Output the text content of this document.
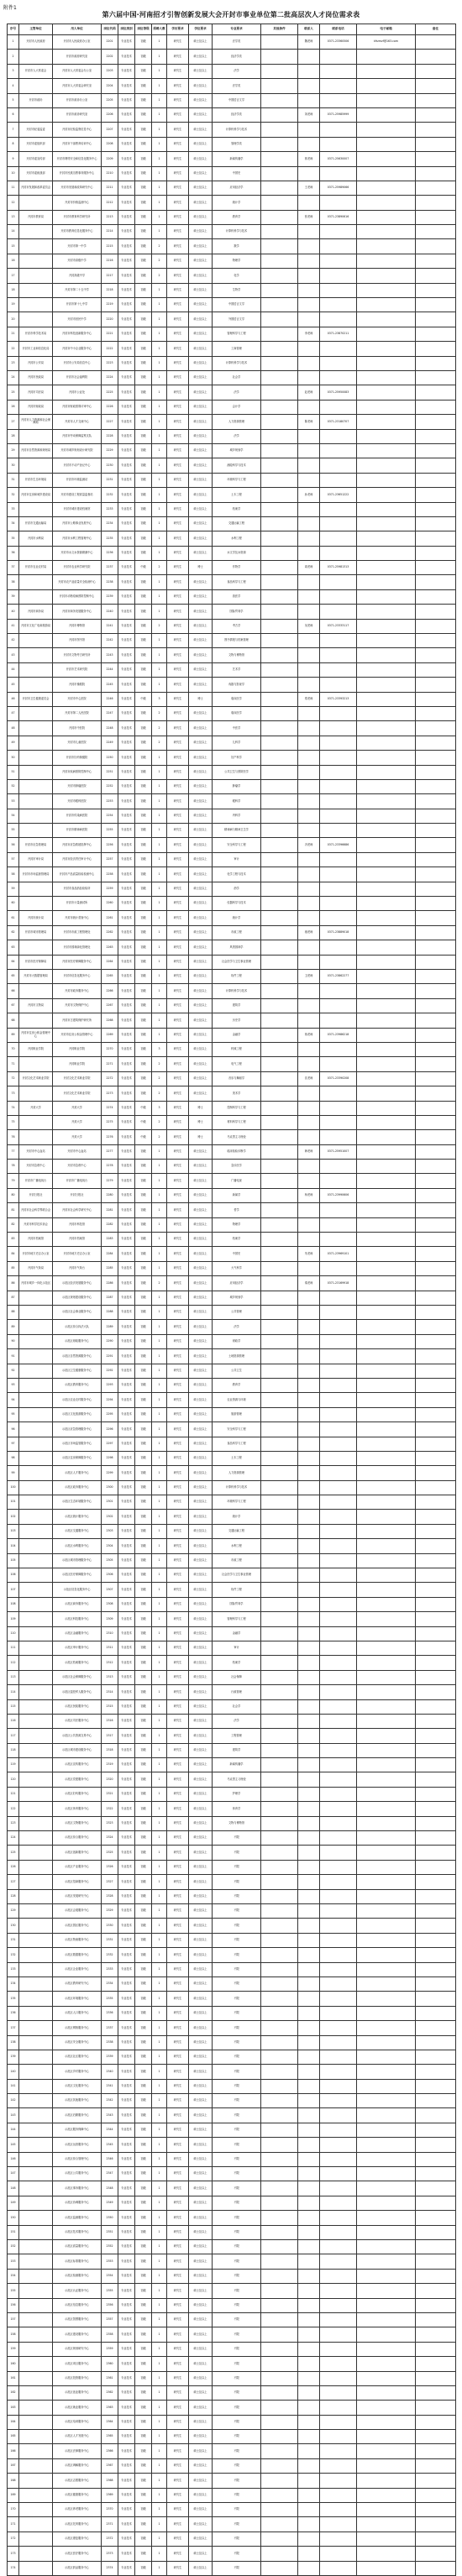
附件1
第六届中国·河南招才引智创新发展大会开封市事业单位第二批高层次人才岗位需求表
序号	主管单位	用人单位	岗位代码	岗位类别	岗位等级	招聘人数	学历要求	学位要求	专业要求	其他条件	联系人	联系电话	电子邮箱	备注
1	开封市人民政府	开封市人民政府办公室	2201	专业技术	初级	1	研究生	硕士及以上	法学类		魏老师	0371-23360506	kfsrmzf@163.com	
2		开封市政府研究室	2202	专业技术	初级	1	研究生	硕士及以上	经济学类					
3	开封市人大常委会	开封市人大常委会办公室	2203	专业技术	初级	1	研究生	硕士及以上	法学					
4		开封市人大常委会研究室	2204	专业技术	初级	1	研究生	硕士及以上	法学类					
5	开封市政协	开封市政协办公室	2205	专业技术	初级	1	研究生	硕士及以上	中国语言文学					
6		开封市政协研究室	2206	专业技术	初级	1	研究生	硕士及以上	经济学类		刘老师	0371-25985999		
7	开封市纪委监委	开封市纪检监察信息中心	2207	专业技术	初级	1	研究生	硕士及以上	计算机科学与技术					
8	开封市委组织部	开封市干部教育培训中心	2208	专业技术	初级	1	研究生	硕士及以上	管理学类					
9	开封市委宣传部	开封市网络安全和信息化服务中心	2209	专业技术	初级	1	研究生	硕士及以上	新闻传播学		郭老师	0371-25630007		
10	开封市委统战部	开封市民族宗教事务服务中心	2210	专业技术	初级	1	研究生	硕士及以上	中国史					
11	开封市发展和改革委员会	开封市发展和改革研究中心	2211	专业技术	初级	1	研究生	硕士及以上	应用经济学		王老师	0371-25989066		
12		开封市价格监测中心	2212	专业技术	初级	1	研究生	硕士及以上	统计学					
13	开封市教育局	开封市教育科学研究所	2213	专业技术	初级	1	研究生	硕士及以上	教育学		张老师	0371-23890616		
14		开封市教育信息化服务中心	2214	专业技术	初级	1	研究生	硕士及以上	计算机科学与技术					
15		开封市第一中学	2215	专业技术	初级	2	研究生	硕士及以上	数学					
16		开封市高级中学	2216	专业技术	初级	2	研究生	硕士及以上	物理学					
17		开封高级中学	2217	专业技术	初级	2	研究生	硕士及以上	化学					
18		开封市第二十五中学	2218	专业技术	初级	1	研究生	硕士及以上	生物学					
19		开封市第十七中学	2219	专业技术	初级	1	研究生	硕士及以上	中国语言文学					
20		开封市回民中学	2220	专业技术	初级	1	研究生	硕士及以上	外国语言文学					
21	开封市科学技术局	开封市科技创新服务中心	2221	专业技术	初级	1	研究生	硕士及以上	管理科学与工程		李老师	0371-23870211		
22	开封市工业和信息化局	开封市中小企业服务中心	2222	专业技术	初级	1	研究生	硕士及以上	工商管理					
23	开封市公安局	开封市公安局信息中心	2223	专业技术	初级	1	研究生	硕士及以上	计算机科学与技术					
24	开封市民政局	开封市社会福利院	2224	专业技术	初级	1	研究生	硕士及以上	社会学					
25	开封市司法局	开封市公证处	2225	专业技术	初级	1	研究生	硕士及以上	法学		赵老师	0371-25950083		
26	开封市财政局	开封市财政预算评审中心	2226	专业技术	初级	1	研究生	硕士及以上	会计学					
27	开封市人力资源和社会保障局	开封市人才交流中心	2227	专业技术	初级	1	研究生	硕士及以上	人力资源管理		陈老师	0371-23180707		
28		开封市劳动保障监察支队	2228	专业技术	初级	1	研究生	硕士及以上	法学					
29	开封市自然资源和规划局	开封市城乡规划设计研究院	2229	专业技术	初级	1	研究生	硕士及以上	城乡规划学					
30		开封市不动产登记中心	2230	专业技术	初级	1	研究生	硕士及以上	测绘科学与技术					
31	开封市生态环境局	开封市环境监测站	2231	专业技术	初级	1	研究生	硕士及以上	环境科学与工程					
32	开封市住房和城乡建设局	开封市建设工程质量监督站	2232	专业技术	初级	1	研究生	硕士及以上	土木工程		孙老师	0371-23651222		
33		开封市城市建设档案馆	2233	专业技术	初级	1	研究生	硕士及以上	档案学					
34	开封市交通运输局	开封市公路事业发展中心	2234	专业技术	初级	1	研究生	硕士及以上	交通运输工程					
35	开封市水利局	开封市水利工程管理中心	2235	专业技术	初级	1	研究生	硕士及以上	水利工程					
36		开封市水文水资源勘测中心	2236	专业技术	初级	1	研究生	硕士及以上	水文学及水资源					
37	开封市农业农村局	开封市农业科学研究院	2237	专业技术	中级	2	研究生	博士	作物学		周老师	0371-25981313		
38		开封市农产品质量安全检测中心	2238	专业技术	初级	1	研究生	硕士及以上	食品科学与工程					
39		开封市动物疫病预防控制中心	2239	专业技术	初级	1	研究生	硕士及以上	兽医学					
40	开封市商务局	开封市商务发展服务中心	2240	专业技术	初级	1	研究生	硕士及以上	国际贸易学					
41	开封市文化广电和旅游局	开封市博物馆	2241	专业技术	初级	2	研究生	硕士及以上	考古学		吴老师	0371-23333117		
42		开封市图书馆	2242	专业技术	初级	1	研究生	硕士及以上	图书情报与档案管理					
43		开封市文物考古研究所	2243	专业技术	初级	1	研究生	硕士及以上	文物与博物馆					
44		开封市艺术研究院	2244	专业技术	初级	1	研究生	硕士及以上	艺术学					
45		开封市豫剧院	2245	专业技术	初级	1	研究生	硕士及以上	戏剧与影视学					
46	开封市卫生健康委员会	开封市中心医院	2246	专业技术	中级	3	研究生	博士	临床医学		郑老师	0371-23393213		
47		开封市第二人民医院	2247	专业技术	初级	2	研究生	硕士及以上	临床医学					
48		开封市中医院	2248	专业技术	初级	2	研究生	硕士及以上	中医学					
49		开封市儿童医院	2249	专业技术	初级	2	研究生	硕士及以上	儿科学					
50		开封市妇幼保健院	2250	专业技术	初级	1	研究生	硕士及以上	妇产科学					
51		开封市疾病预防控制中心	2251	专业技术	初级	1	研究生	硕士及以上	公共卫生与预防医学					
52		开封市肿瘤医院	2252	专业技术	初级	1	研究生	硕士及以上	肿瘤学					
53		开封市眼科医院	2253	专业技术	初级	1	研究生	硕士及以上	眼科学					
54		开封市传染病医院	2254	专业技术	初级	1	研究生	硕士及以上	内科学					
55		开封市精神病医院	2255	专业技术	初级	1	研究生	硕士及以上	精神病与精神卫生学					
56	开封市应急管理局	开封市应急救援指挥中心	2256	专业技术	初级	1	研究生	硕士及以上	安全科学与工程		冯老师	0371-23396686		
57	开封市审计局	开封市经济责任审计中心	2257	专业技术	初级	1	研究生	硕士及以上	审计					
58	开封市市场监督管理局	开封市产品质量检验检测中心	2258	专业技术	初级	1	研究生	硕士及以上	化学工程与技术					
59		开封市食品药品检验所	2259	专业技术	初级	1	研究生	硕士及以上	药学					
60		开封市计量测试所	2260	专业技术	初级	1	研究生	硕士及以上	仪器科学与技术					
61	开封市统计局	开封市统计普查中心	2261	专业技术	初级	1	研究生	硕士及以上	统计学					
62	开封市城市管理局	开封市市政工程管理处	2262	专业技术	初级	1	研究生	硕士及以上	市政工程		褚老师	0371-23889018		
63		开封市园林绿化管理处	2263	专业技术	初级	1	研究生	硕士及以上	风景园林学					
64	开封市医疗保障局	开封市医疗保障服务中心	2264	专业技术	初级	1	研究生	硕士及以上	社会医学与卫生事业管理					
65	开封市大数据管理局	开封市信息化服务中心	2265	专业技术	初级	1	研究生	硕士及以上	软件工程		卫老师	0371-23862277		
66		开封市政务服务中心	2266	专业技术	初级	1	研究生	硕士及以上	计算机科学与技术					
67	开封市文物局	开封市文物保护中心	2267	专业技术	初级	1	研究生	硕士及以上	建筑学					
68		开封市古建筑保护研究所	2268	专业技术	初级	1	研究生	硕士及以上	历史学					
69	开封市住房公积金管理中心	开封市住房公积金管理中心	2269	专业技术	初级	1	研究生	硕士及以上	金融学		蒋老师	0371-23986218		
70	开封职业学院	开封职业学院	2270	专业技术	初级	3	研究生	硕士及以上	机械工程					
71		开封职业学院	2271	专业技术	初级	2	研究生	硕士及以上	电气工程					
72	开封文化艺术职业学院	开封文化艺术职业学院	2272	专业技术	初级	2	研究生	硕士及以上	音乐与舞蹈学		沈老师	0371-23390208		
73		开封文化艺术职业学院	2273	专业技术	初级	2	研究生	硕士及以上	美术学					
74	开封大学	开封大学	2274	专业技术	中级	3	研究生	博士	控制科学与工程					
75		开封大学	2275	专业技术	中级	2	研究生	博士	材料科学与工程					
76		开封大学	2276	专业技术	中级	2	研究生	博士	马克思主义理论					
77	开封市中心血站	开封市中心血站	2277	专业技术	初级	1	研究生	硕士及以上	临床检验诊断学		韩老师	0371-25951007		
78	开封市急救中心	开封市急救中心	2278	专业技术	初级	1	研究生	硕士及以上	急诊医学					
79	开封市广播电视台	开封市广播电视台	2279	专业技术	初级	1	研究生	硕士及以上	广播电视					
80	开封日报社	开封日报社	2280	专业技术	初级	1	研究生	硕士及以上	新闻学		杨老师	0371-23990606		
81	开封市社会科学界联合会	开封市社会科学研究中心	2281	专业技术	初级	1	研究生	硕士及以上	哲学					
82	开封市科学技术协会	开封市科技馆	2282	专业技术	初级	1	研究生	硕士及以上	物理学					
83	开封市档案馆	开封市档案馆	2283	专业技术	初级	1	研究生	硕士及以上	档案学					
84	开封市地方史志办公室	开封市地方史志办公室	2284	专业技术	初级	1	研究生	硕士及以上	中国史		朱老师	0371-23969101		
85	开封市气象局	开封市气象台	2285	专业技术	初级	1	研究生	硕士及以上	大气科学					
86	开封市城乡一体化示范区	示范区经济发展服务中心	2286	专业技术	初级	2	研究生	硕士及以上	应用经济学		秦老师	0371-23169918		
87		示范区规划建设服务中心	2287	专业技术	初级	1	研究生	硕士及以上	城乡规划学					
88		示范区社会事业服务中心	2288	专业技术	初级	1	研究生	硕士及以上	公共管理					
89		示范区综合执法大队	2289	专业技术	初级	1	研究生	硕士及以上	法学					
90		示范区财政服务中心	2290	专业技术	初级	1	研究生	硕士及以上	财政学					
91		示范区自然资源服务中心	2291	专业技术	初级	1	研究生	硕士及以上	土地资源管理					
92		示范区卫生健康服务中心	2292	专业技术	初级	1	研究生	硕士及以上	公共卫生					
93		示范区教育服务中心	2293	专业技术	初级	1	研究生	硕士及以上	教育学					
94		示范区农业农村服务中心	2294	专业技术	初级	1	研究生	硕士及以上	农业资源与环境					
95		示范区文化旅游服务中心	2295	专业技术	初级	1	研究生	硕士及以上	旅游管理					
96		示范区应急管理服务中心	2296	专业技术	初级	1	研究生	硕士及以上	安全科学与工程					
97		示范区市场监管服务中心	2297	专业技术	初级	1	研究生	硕士及以上	食品科学与工程					
98		示范区住房保障服务中心	2298	专业技术	初级	1	研究生	硕士及以上	土木工程					
99		示范区人才服务中心	2299	专业技术	初级	1	研究生	硕士及以上	人力资源管理					
100		示范区政务服务中心	2300	专业技术	初级	1	研究生	硕士及以上	计算机科学与技术					
101		示范区生态环境服务中心	2301	专业技术	初级	1	研究生	硕士及以上	环境科学与工程					
102		示范区统计服务中心	2302	专业技术	初级	1	研究生	硕士及以上	统计学					
103		示范区交通服务中心	2303	专业技术	初级	1	研究生	硕士及以上	交通运输工程					
104		示范区水利服务中心	2304	专业技术	初级	1	研究生	硕士及以上	水利工程					
105		示范区城市管理服务中心	2305	专业技术	初级	1	研究生	硕士及以上	市政工程					
106		示范区医疗保障服务中心	2306	专业技术	初级	1	研究生	硕士及以上	社会医学与卫生事业管理					
107		示范区信息化服务中心	2307	专业技术	初级	1	研究生	硕士及以上	软件工程					
108		示范区商务服务中心	2308	专业技术	初级	1	研究生	硕士及以上	国际贸易学					
109		示范区科技服务中心	2309	专业技术	初级	1	研究生	硕士及以上	管理科学与工程					
110		示范区金融服务中心	2310	专业技术	初级	1	研究生	硕士及以上	金融学					
111		示范区审计服务中心	2311	专业技术	初级	1	研究生	硕士及以上	审计					
112		示范区档案服务中心	2312	专业技术	初级	1	研究生	硕士及以上	档案学					
113		示范区社会保障服务中心	2313	专业技术	初级	1	研究生	硕士及以上	社会保障					
114		示范区退役军人服务中心	2314	专业技术	初级	1	研究生	硕士及以上	行政管理					
115		示范区民政服务中心	2315	专业技术	初级	1	研究生	硕士及以上	社会学					
116		示范区司法服务中心	2316	专业技术	初级	1	研究生	硕士及以上	法学					
117		示范区公共资源交易中心	2317	专业技术	初级	1	研究生	硕士及以上	工程管理					
118		示范区城市建设服务中心	2318	专业技术	初级	1	研究生	硕士及以上	建筑学					
119		示范区宣传服务中心	2319	专业技术	初级	1	研究生	硕士及以上	新闻传播学					
120		示范区党建服务中心	2320	专业技术	初级	1	研究生	硕士及以上	马克思主义理论					
121		示范区妇幼服务中心	2321	专业技术	初级	1	研究生	硕士及以上	护理学					
122		示范区体育服务中心	2322	专业技术	初级	1	研究生	硕士及以上	体育学					
123		示范区文物服务中心	2323	专业技术	初级	1	研究生	硕士及以上	文物与博物馆					
124		示范区综合服务中心	2324	专业技术	初级	1	研究生	硕士及以上	不限					
125		示范区创新服务中心	2325	专业技术	初级	1	研究生	硕士及以上	不限					
126		示范区产业服务中心	2326	专业技术	初级	1	研究生	硕士及以上	不限					
127		示范区招商服务中心	2327	专业技术	初级	1	研究生	硕士及以上	不限					
128		示范区发展研究中心	2328	专业技术	初级	1	研究生	硕士及以上	不限					
129		示范区会展服务中心	2329	专业技术	初级	1	研究生	硕士及以上	不限					
130		示范区园区服务中心	2330	专业技术	初级	1	研究生	硕士及以上	不限					
131		示范区物流服务中心	2331	专业技术	初级	1	研究生	硕士及以上	不限					
132		示范区数据服务中心	2332	专业技术	初级	1	研究生	硕士及以上	不限					
133		示范区企业服务中心	2333	专业技术	初级	1	研究生	硕士及以上	不限					
134		示范区教育研究中心	2334	专业技术	初级	1	研究生	硕士及以上	不限					
135		示范区环境服务中心	2335	专业技术	初级	1	研究生	硕士及以上	不限					
136		示范区人口服务中心	2336	专业技术	初级	1	研究生	硕士及以上	不限					
137		示范区网格服务中心	2337	专业技术	初级	1	研究生	硕士及以上	不限					
138		示范区安全服务中心	2338	专业技术	初级	1	研究生	硕士及以上	不限					
139		示范区社区服务中心	2339	专业技术	初级	1	研究生	硕士及以上	不限					
140		示范区乡村服务中心	2340	专业技术	初级	1	研究生	硕士及以上	不限					
141		示范区文化服务中心	2341	专业技术	初级	1	研究生	硕士及以上	不限					
142		示范区其他服务中心	2342	专业技术	初级	1	研究生	硕士及以上	不限					
143		示范区后勤服务中心	2343	专业技术	初级	1	研究生	硕士及以上	不限					
144		示范区服务保障中心	2344	专业技术	初级	1	研究生	硕士及以上	不限					
145		示范区运营服务中心	2345	专业技术	初级	1	研究生	硕士及以上	不限					
146		示范区综合管理中心	2346	专业技术	初级	1	研究生	硕士及以上	不限					
147		示范区公共服务中心	2347	专业技术	初级	1	研究生	硕士及以上	不限					
148		示范区事务服务中心	2348	专业技术	初级	1	研究生	硕士及以上	不限					
149		示范区协调服务中心	2349	专业技术	初级	1	研究生	硕士及以上	不限					
150		示范区监测服务中心	2350	专业技术	初级	1	研究生	硕士及以上	不限					
151		示范区技术服务中心	2351	专业技术	初级	1	研究生	硕士及以上	不限					
152		示范区质量服务中心	2352	专业技术	初级	1	研究生	硕士及以上	不限					
153		示范区标准服务中心	2353	专业技术	初级	1	研究生	硕士及以上	不限					
154		示范区检测服务中心	2354	专业技术	初级	1	研究生	硕士及以上	不限					
155		示范区认证服务中心	2355	专业技术	初级	1	研究生	硕士及以上	不限					
156		示范区信息服务中心	2356	专业技术	初级	1	研究生	硕士及以上	不限					
157		示范区智慧服务中心	2357	专业技术	初级	1	研究生	硕士及以上	不限					
158		示范区建设服务中心	2358	专业技术	初级	1	研究生	硕士及以上	不限					
159		示范区规划研究中心	2359	专业技术	初级	1	研究生	硕士及以上	不限					
160		示范区项目服务中心	2360	专业技术	初级	1	研究生	硕士及以上	不限					
161		示范区投资服务中心	2361	专业技术	初级	1	研究生	硕士及以上	不限					
162		示范区创业服务中心	2362	专业技术	初级	1	研究生	硕士及以上	不限					
163		示范区就业服务中心	2363	专业技术	初级	1	研究生	硕士及以上	不限					
164		示范区培训服务中心	2364	专业技术	初级	1	研究生	硕士及以上	不限					
165		示范区人才发展中心	2365	专业技术	初级	1	研究生	硕士及以上	不限					
166		示范区法律服务中心	2366	专业技术	初级	1	研究生	硕士及以上	不限					
167		示范区调解服务中心	2367	专业技术	初级	1	研究生	硕士及以上	不限					
168		示范区志愿服务中心	2368	专业技术	初级	1	研究生	硕士及以上	不限					
169		示范区健康服务中心	2369	专业技术	初级	1	研究生	硕士及以上	不限					
170		示范区养老服务中心	2370	专业技术	初级	1	研究生	硕士及以上	不限					
171		示范区托育服务中心	2371	专业技术	初级	1	研究生	硕士及以上	不限					
172		示范区康复服务中心	2372	专业技术	初级	1	研究生	硕士及以上	不限					
173		示范区医疗服务中心	2373	专业技术	初级	1	研究生	硕士及以上	不限					
174		示范区药品服务中心	2374	专业技术	初级	1	研究生	硕士及以上	不限					
